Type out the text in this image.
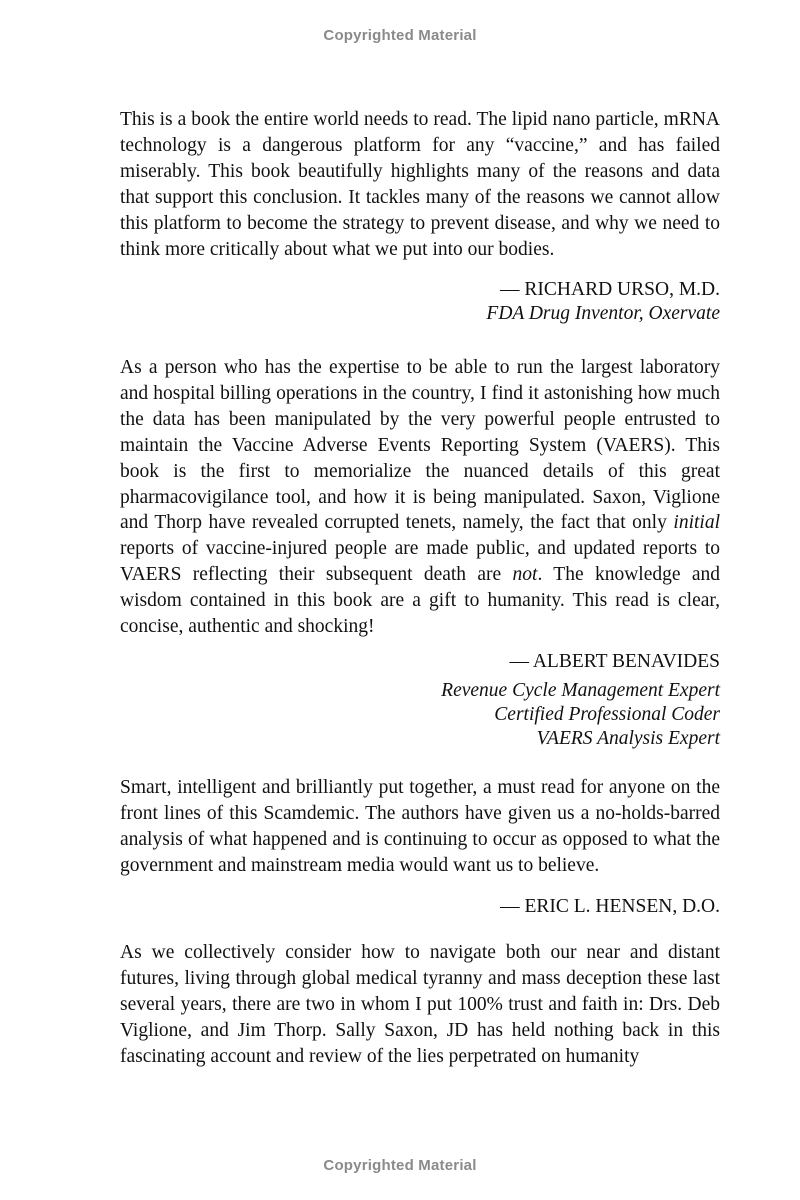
Copyrighted Material

This is a book the entire world needs to read. The lipid nano particle, mRNA technology is a dangerous platform for any “vaccine,” and has failed miserably. This book beautifully highlights many of the reasons and data that support this conclusion. It tackles many of the reasons we cannot allow this platform to become the strategy to prevent disease, and why we need to think more critically about what we put into our bodies.

— RICHARD URSO, M.D.
FDA Drug Inventor, Oxervate

As a person who has the expertise to be able to run the largest laboratory and hospital billing operations in the country, I find it astonishing how much the data has been manipulated by the very powerful people entrusted to maintain the Vaccine Adverse Events Reporting System (VAERS). This book is the first to memorialize the nuanced details of this great pharmacovigilance tool, and how it is being manipulated. Saxon, Viglione and Thorp have revealed corrupted tenets, namely, the fact that only initial reports of vaccine-injured people are made public, and updated reports to VAERS reflecting their subsequent death are not. The knowledge and wisdom contained in this book are a gift to humanity. This read is clear, concise, authentic and shocking!

— ALBERT BENAVIDES
Revenue Cycle Management Expert
Certified Professional Coder
VAERS Analysis Expert

Smart, intelligent and brilliantly put together, a must read for anyone on the front lines of this Scamdemic. The authors have given us a no-holds-barred analysis of what happened and is continuing to occur as opposed to what the government and mainstream media would want us to believe.

— ERIC L. HENSEN, D.O.

As we collectively consider how to navigate both our near and distant futures, living through global medical tyranny and mass deception these last several years, there are two in whom I put 100% trust and faith in: Drs. Deb Viglione, and Jim Thorp. Sally Saxon, JD has held nothing back in this fascinating account and review of the lies perpetrated on humanity

Copyrighted Material
